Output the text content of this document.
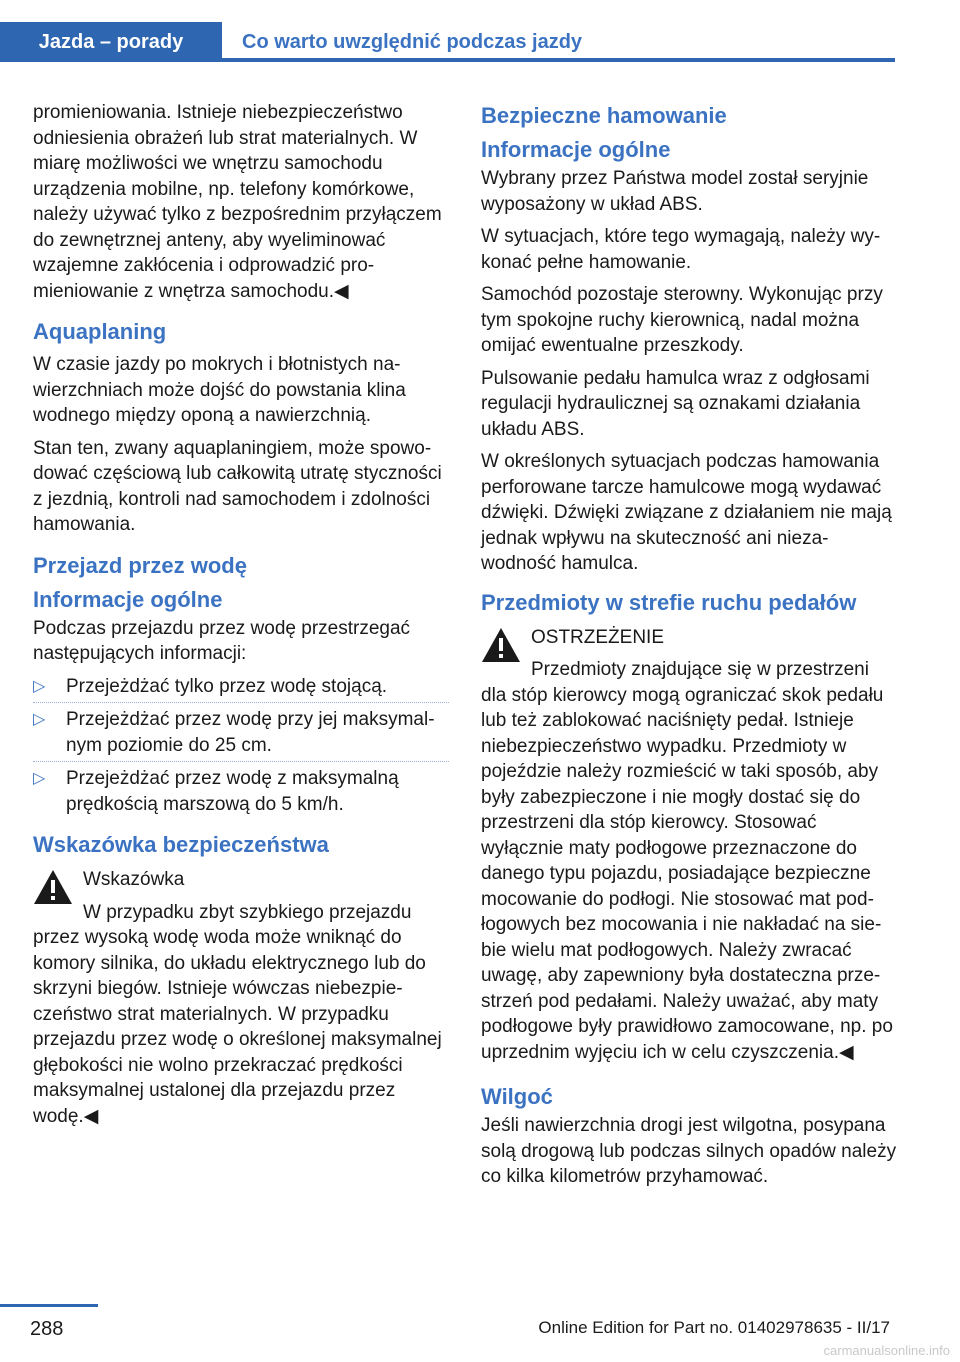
Jazda – porady	Co warto uwzględnić podczas jazdy

promieniowania. Istnieje niebezpieczeństwo odniesienia obrażeń lub strat materialnych. W miarę możliwości we wnętrzu samochodu urządzenia mobilne, np. telefony komórkowe, należy używać tylko z bezpośrednim przyłączem do zewnętrznej anteny, aby wyeliminować wzajemne zakłócenia i odprowadzić promieniowanie z wnętrza samochodu.◀

Aquaplaning

W czasie jazdy po mokrych i błotnistych nawierzchniach może dojść do powstania klina wodnego między oponą a nawierzchnią.

Stan ten, zwany aquaplaningiem, może spowodować częściową lub całkowitą utratę styczności z jezdnią, kontroli nad samochodem i zdolności hamowania.

Przejazd przez wodę
Informacje ogólne

Podczas przejazdu przez wodę przestrzegać następujących informacji:

▷ Przejeżdżać tylko przez wodę stojącą.
▷ Przejeżdżać przez wodę przy jej maksymalnym poziomie do 25 cm.
▷ Przejeżdżać przez wodę z maksymalną prędkością marszową do 5 km/h.
Wskazówka bezpieczeństwa

Wskazówka

W przypadku zbyt szybkiego przejazdu przez wysoką wodę woda może wniknąć do komory silnika, do układu elektrycznego lub do skrzyni biegów. Istnieje wówczas niebezpieczeństwo strat materialnych. W przypadku przejazdu przez wodę o określonej maksymalnej głębokości nie wolno przekraczać prędkości maksymalnej ustalonej dla przejazdu przez wodę.◀

Bezpieczne hamowanie
Informacje ogólne

Wybrany przez Państwa model został seryjnie wyposażony w układ ABS.

W sytuacjach, które tego wymagają, należy wykonać pełne hamowanie.

Samochód pozostaje sterowny. Wykonując przy tym spokojne ruchy kierownicą, nadal można omijać ewentualne przeszkody.

Pulsowanie pedału hamulca wraz z odgłosami regulacji hydraulicznej są oznakami działania układu ABS.

W określonych sytuacjach podczas hamowania perforowane tarcze hamulcowe mogą wydawać dźwięki. Dźwięki związane z działaniem nie mają jednak wpływu na skuteczność ani niezawodność hamulca.

Przedmioty w strefie ruchu pedałów

OSTRZEŻENIE

Przedmioty znajdujące się w przestrzeni dla stóp kierowcy mogą ograniczać skok pedału lub też zablokować naciśnięty pedał. Istnieje niebezpieczeństwo wypadku. Przedmioty w pojeździe należy rozmieścić w taki sposób, aby były zabezpieczone i nie mogły dostać się do przestrzeni dla stóp kierowcy. Stosować wyłącznie maty podłogowe przeznaczone do danego typu pojazdu, posiadające bezpieczne mocowanie do podłogi. Nie stosować mat podłogowych bez mocowania i nie nakładać na siebie wielu mat podłogowych. Należy zwracać uwagę, aby zapewniony była dostateczna przestrzeń pod pedałami. Należy uważać, aby maty podłogowe były prawidłowo zamocowane, np. po uprzednim wyjęciu ich w celu czyszczenia.◀

Wilgoć

Jeśli nawierzchnia drogi jest wilgotna, posypana solą drogową lub podczas silnych opadów należy co kilka kilometrów przyhamować.

288	Online Edition for Part no. 01402978635 - II/17
carmanualsonline.info
